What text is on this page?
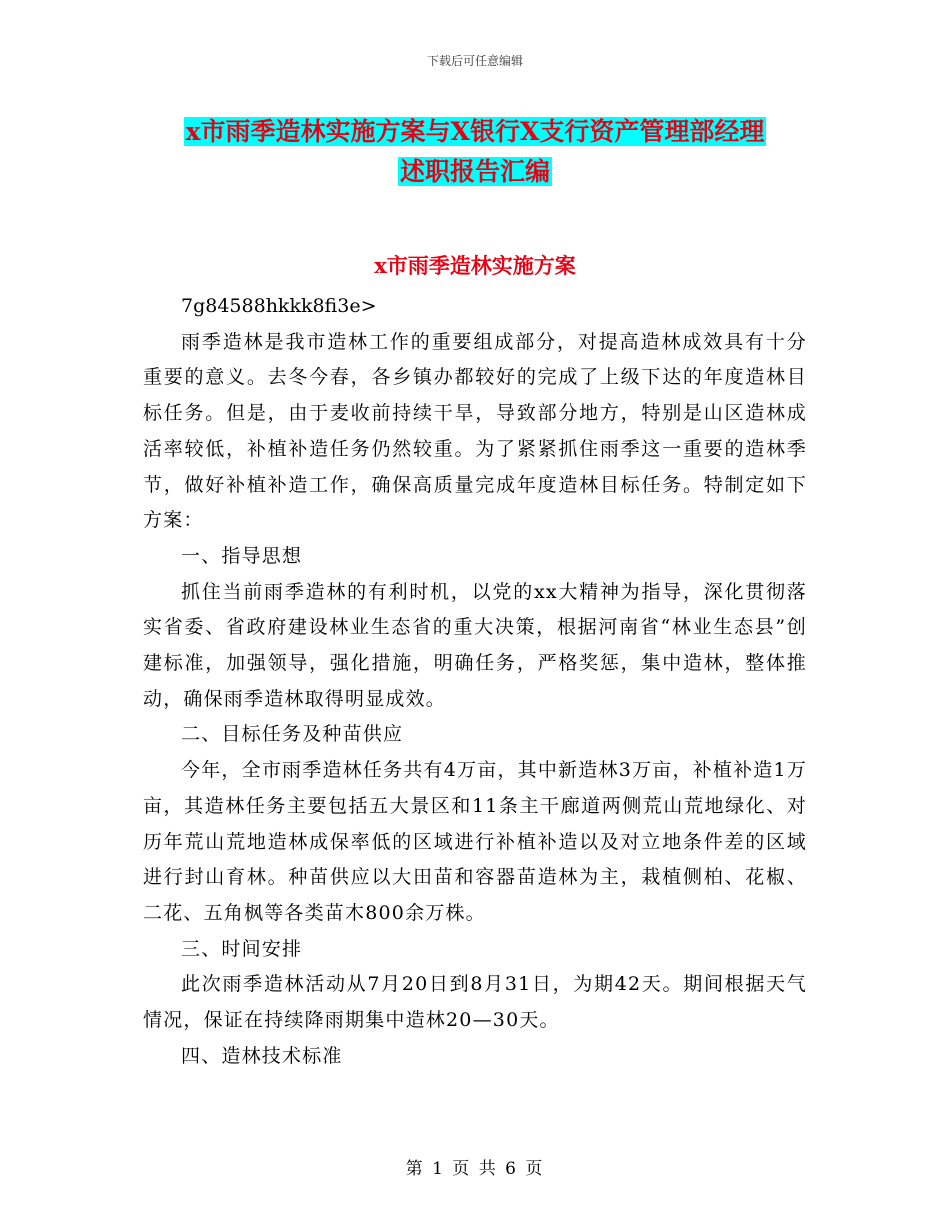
下载后可任意编辑
x市雨季造林实施方案与X银行X支行资产管理部经理
述职报告汇编
x市雨季造林实施方案

7g84588hkkk8fi3e>

雨季造林是我市造林工作的重要组成部分，对提高造林成效具有十分重要的意义。去冬今春，各乡镇办都较好的完成了上级下达的年度造林目标任务。但是，由于麦收前持续干旱，导致部分地方，特别是山区造林成活率较低，补植补造任务仍然较重。为了紧紧抓住雨季这一重要的造林季节，做好补植补造工作，确保高质量完成年度造林目标任务。特制定如下方案：

一、指导思想

抓住当前雨季造林的有利时机，以党的xx大精神为指导，深化贯彻落实省委、省政府建设林业生态省的重大决策，根据河南省“林业生态县”创建标准，加强领导，强化措施，明确任务，严格奖惩，集中造林，整体推动，确保雨季造林取得明显成效。

二、目标任务及种苗供应

今年，全市雨季造林任务共有4万亩，其中新造林3万亩，补植补造1万亩，其造林任务主要包括五大景区和11条主干廊道两侧荒山荒地绿化、对历年荒山荒地造林成保率低的区域进行补植补造以及对立地条件差的区域进行封山育林。种苗供应以大田苗和容器苗造林为主，栽植侧柏、花椒、二花、五角枫等各类苗木800余万株。

三、时间安排

此次雨季造林活动从7月20日到8月31日，为期42天。期间根据天气情况，保证在持续降雨期集中造林20—30天。

四、造林技术标准

第 1 页 共 6 页
